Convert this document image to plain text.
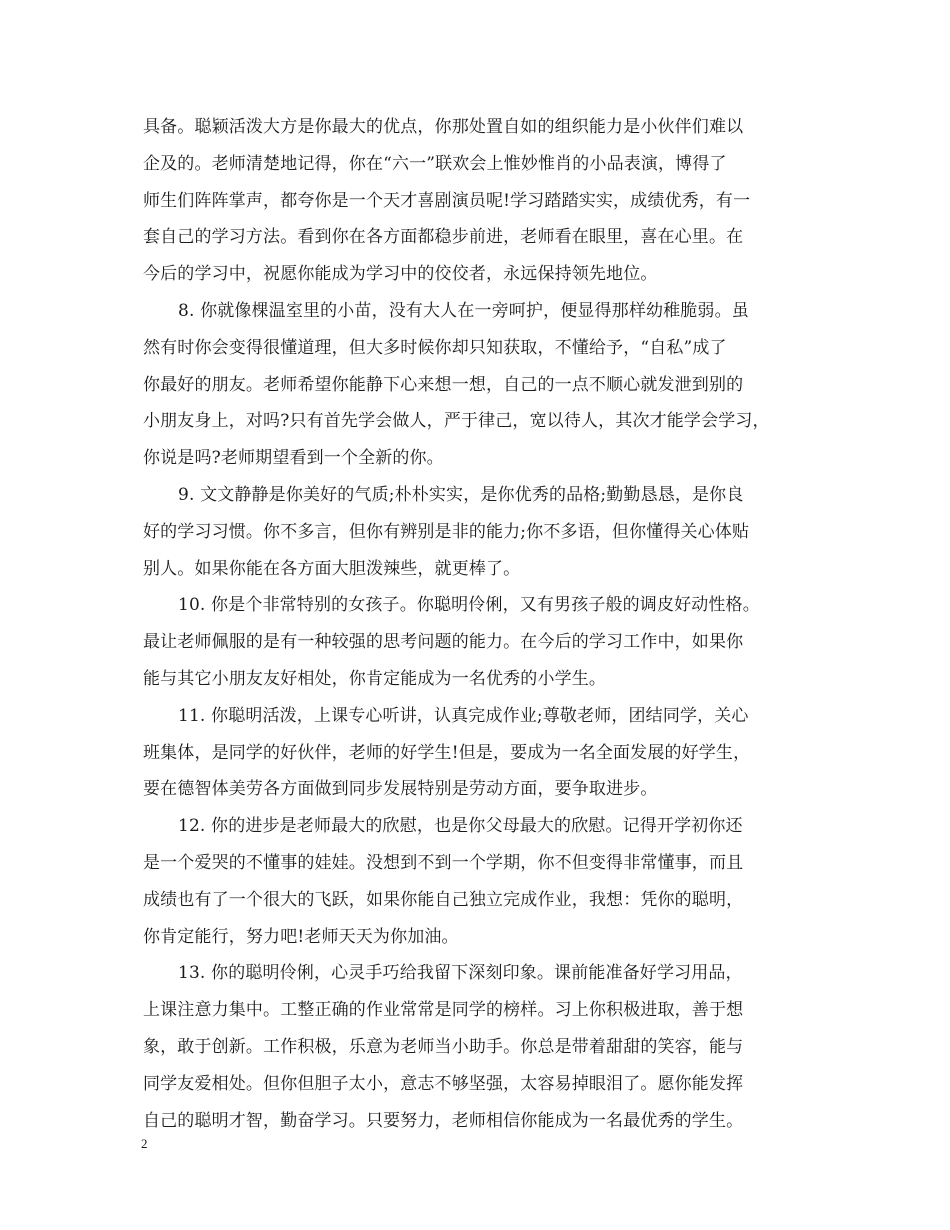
具备。聪颖活泼大方是你最大的优点，你那处置自如的组织能力是小伙伴们难以
企及的。老师清楚地记得，你在“六一”联欢会上惟妙惟肖的小品表演，博得了
师生们阵阵掌声，都夸你是一个天才喜剧演员呢!学习踏踏实实，成绩优秀，有一
套自己的学习方法。看到你在各方面都稳步前进，老师看在眼里，喜在心里。在
今后的学习中，祝愿你能成为学习中的佼佼者，永远保持领先地位。
8. 你就像棵温室里的小苗，没有大人在一旁呵护，便显得那样幼稚脆弱。虽
然有时你会变得很懂道理，但大多时候你却只知获取，不懂给予，“自私”成了
你最好的朋友。老师希望你能静下心来想一想，自己的一点不顺心就发泄到别的
小朋友身上，对吗?只有首先学会做人，严于律己，宽以待人，其次才能学会学习，
你说是吗?老师期望看到一个全新的你。
9. 文文静静是你美好的气质;朴朴实实，是你优秀的品格;勤勤恳恳，是你良
好的学习习惯。你不多言，但你有辨别是非的能力;你不多语，但你懂得关心体贴
别人。如果你能在各方面大胆泼辣些，就更棒了。
10. 你是个非常特别的女孩子。你聪明伶俐，又有男孩子般的调皮好动性格。
最让老师佩服的是有一种较强的思考问题的能力。在今后的学习工作中，如果你
能与其它小朋友友好相处，你肯定能成为一名优秀的小学生。
11. 你聪明活泼，上课专心听讲，认真完成作业;尊敬老师，团结同学，关心
班集体，是同学的好伙伴，老师的好学生!但是，要成为一名全面发展的好学生，
要在德智体美劳各方面做到同步发展特别是劳动方面，要争取进步。
12. 你的进步是老师最大的欣慰，也是你父母最大的欣慰。记得开学初你还
是一个爱哭的不懂事的娃娃。没想到不到一个学期，你不但变得非常懂事，而且
成绩也有了一个很大的飞跃，如果你能自己独立完成作业，我想：凭你的聪明，
你肯定能行，努力吧!老师天天为你加油。
13. 你的聪明伶俐，心灵手巧给我留下深刻印象。课前能准备好学习用品，
上课注意力集中。工整正确的作业常常是同学的榜样。习上你积极进取，善于想
象，敢于创新。工作积极，乐意为老师当小助手。你总是带着甜甜的笑容，能与
同学友爱相处。但你但胆子太小，意志不够坚强，太容易掉眼泪了。愿你能发挥
自己的聪明才智，勤奋学习。只要努力，老师相信你能成为一名最优秀的学生。
2
